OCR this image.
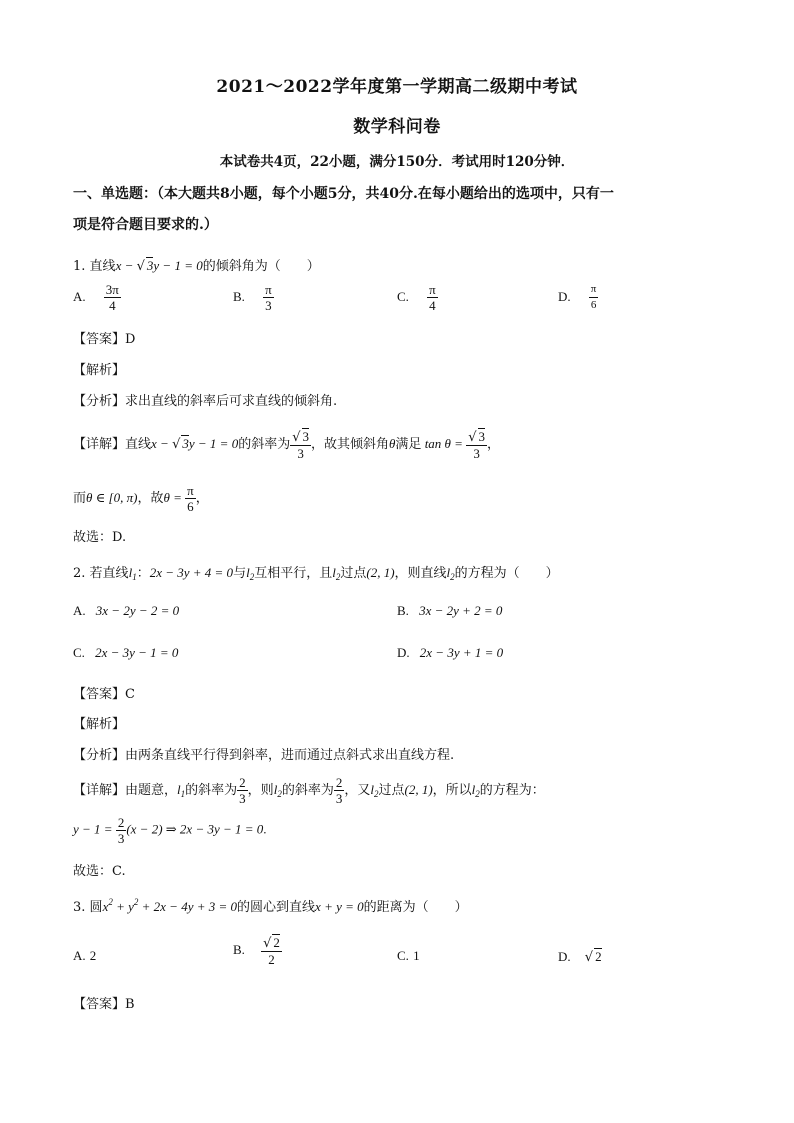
2021～2022学年度第一学期高二级期中考试
数学科问卷
本试卷共4页，22小题，满分150分．考试用时120分钟．
一、单选题：（本大题共8小题，每个小题5分，共40分.在每小题给出的选项中，只有一
项是符合题目要求的.）
1. 直线x − √ 3y − 1 = 0的倾斜角为（　　）
A. $\frac{3\pi}{4}$	B. $\frac{\pi}{3}$	C. $\frac{\pi}{4}$	D. $\frac{\pi}{6}$
【答案】D
【解析】
【分析】求出直线的斜率后可求直线的倾斜角.
【详解】直线x − √ 3y − 1 = 0的斜率为 $\frac{√ 3}{3}$ ，故其倾斜角θ满足 $\tan \theta = \frac{√ 3}{3}$ ，
而θ ∈ [0, π)，故$\theta = \frac{\pi}{6}$ ，
故选：D.
2. 若直线$l_1$：2x − 3y + 4 = 0与$l_2$互相平行，且$l_2$过点(2, 1)，则直线$l_2$的方程为（　　）
A. 3x − 2y − 2 = 0	B. 3x − 2y + 2 = 0
C. 2x − 3y − 1 = 0	D. 2x − 3y + 1 = 0
【答案】C
【解析】
【分析】由两条直线平行得到斜率，进而通过点斜式求出直线方程.
【详解】由题意，$l_1$的斜率为 $\frac{2}{3}$ ，则$l_2$的斜率为 $\frac{2}{3}$ ，又$l_2$过点(2, 1)，所以$l_2$的方程为：
$y - 1 = \frac{2}{3} (x - 2)$ ⇒ 2x − 3y − 1 = 0.
故选：C.
3. 圆$x^2 + y^2 + 2x - 4y + 3 = 0$的圆心到直线x + y = 0的距离为（　　）
A. 2	B. $\frac{√ 2}{2}$	C. 1	D. √ 2
【答案】B
